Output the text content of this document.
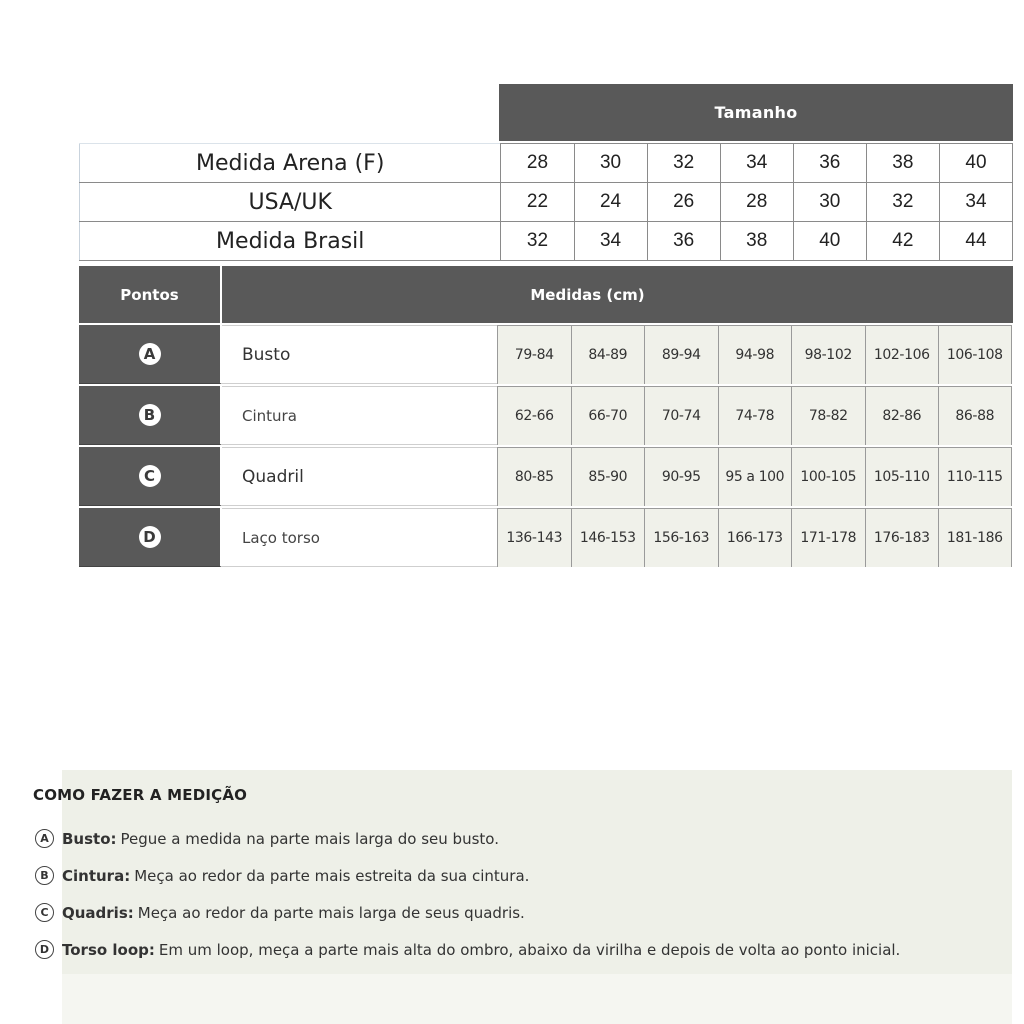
Tamanho
Medida Arena (F)	28	30	32	34	36	38	40
USA/UK	22	24	26	28	30	32	34
Medida Brasil	32	34	36	38	40	42	44
Pontos	Medidas (cm)
A	Busto	79-84	84-89	89-94	94-98	98-102	102-106	106-108
B	Cintura	62-66	66-70	70-74	74-78	78-82	82-86	86-88
C	Quadril	80-85	85-90	90-95	95 a 100	100-105	105-110	110-115
D	Laço torso	136-143	146-153	156-163	166-173	171-178	176-183	181-186
COMO FAZER A MEDIÇÃO
A Busto: Pegue a medida na parte mais larga do seu busto.
B Cintura: Meça ao redor da parte mais estreita da sua cintura.
C Quadris: Meça ao redor da parte mais larga de seus quadris.
D Torso loop: Em um loop, meça a parte mais alta do ombro, abaixo da virilha e depois de volta ao ponto inicial.
